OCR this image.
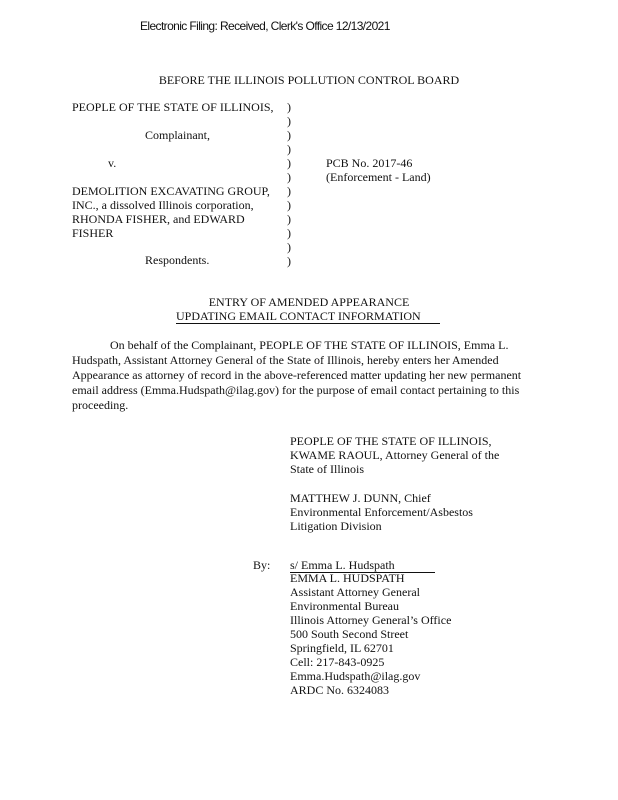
Electronic Filing: Received, Clerk's Office 12/13/2021
BEFORE THE ILLINOIS POLLUTION CONTROL BOARD
PEOPLE OF THE STATE OF ILLINOIS,
Complainant,
v.
DEMOLITION EXCAVATING GROUP,
INC., a dissolved Illinois corporation,
RHONDA FISHER, and EDWARD
FISHER
Respondents.
)
)
)
)
)
)
)
)
)
)
)
)
PCB No. 2017-46
(Enforcement - Land)
ENTRY OF AMENDED APPEARANCE
UPDATING EMAIL CONTACT INFORMATION
On behalf of the Complainant, PEOPLE OF THE STATE OF ILLINOIS, Emma L. Hudspath, Assistant Attorney General of the State of Illinois, hereby enters her Amended Appearance as attorney of record in the above-referenced matter updating her new permanent email address (Emma.Hudspath@ilag.gov) for the purpose of email contact pertaining to this proceeding.
PEOPLE OF THE STATE OF ILLINOIS,
KWAME RAOUL, Attorney General of the
State of Illinois
MATTHEW J. DUNN, Chief
Environmental Enforcement/Asbestos
Litigation Division
By: s/ Emma L. Hudspath
EMMA L. HUDSPATH
Assistant Attorney General
Environmental Bureau
Illinois Attorney General’s Office
500 South Second Street
Springfield, IL 62701
Cell: 217-843-0925
Emma.Hudspath@ilag.gov
ARDC No. 6324083
